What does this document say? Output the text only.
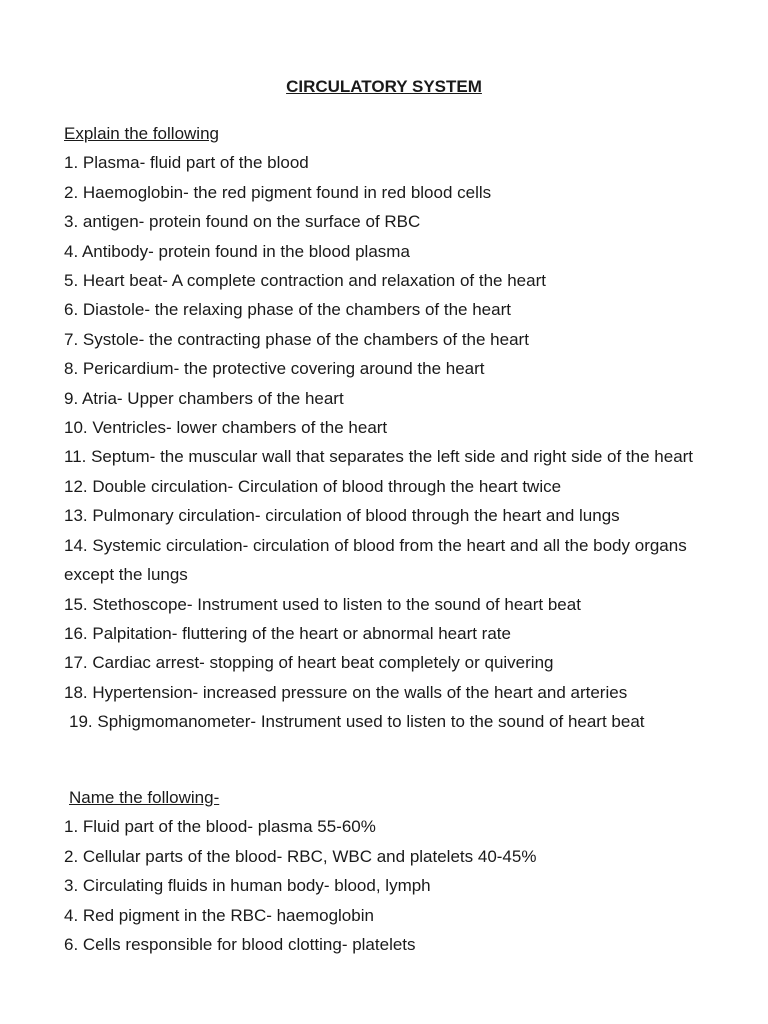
CIRCULATORY SYSTEM
Explain the following
1. Plasma- fluid part of the blood
2. Haemoglobin- the red pigment found in red blood cells
3. antigen- protein found on the surface of RBC
4. Antibody- protein found in the blood plasma
5. Heart beat- A complete contraction and relaxation of the heart
6. Diastole- the relaxing phase of the chambers of the heart
7. Systole- the contracting phase of the chambers of the heart
8. Pericardium- the protective covering around the heart
9. Atria- Upper chambers of the heart
10. Ventricles- lower chambers of the heart
11. Septum- the muscular wall that separates the left side and right side of the heart
12. Double circulation- Circulation of blood through the heart twice
13. Pulmonary circulation- circulation of blood through the heart and lungs
14. Systemic circulation- circulation of blood from the heart and all the body organs except the lungs
15. Stethoscope- Instrument used to listen to the sound of heart beat
16. Palpitation- fluttering of the heart or abnormal heart rate
17. Cardiac arrest- stopping of heart beat completely or quivering
18. Hypertension- increased pressure on the walls of the heart and arteries
19. Sphigmomanometer- Instrument used to listen to the sound of heart beat
Name the following-
1. Fluid part of the blood- plasma 55-60%
2. Cellular parts of the blood- RBC, WBC and platelets 40-45%
3. Circulating fluids in human body- blood, lymph
4. Red pigment in the RBC- haemoglobin
6. Cells responsible for blood clotting- platelets
